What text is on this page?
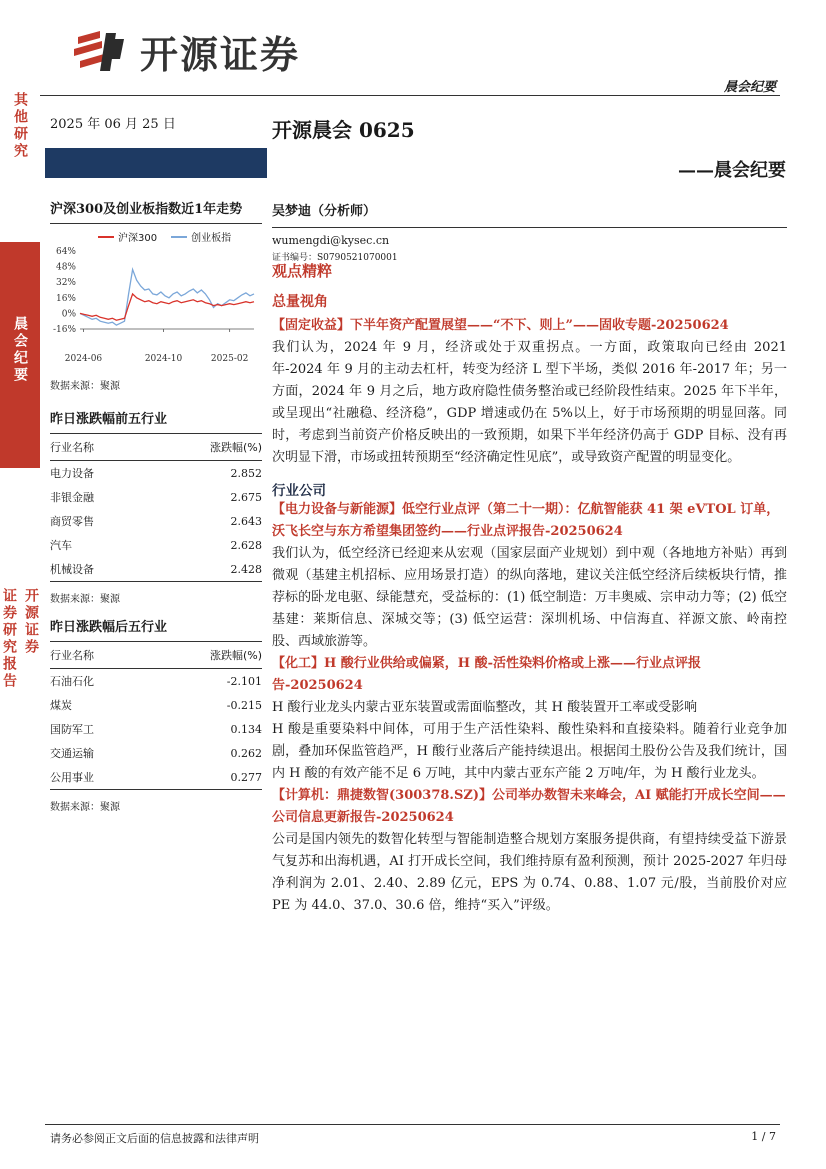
其他研究
晨会纪要
开源证券
证券研究报告
开源证券
晨会纪要
2025 年 06 月 25 日	开源晨会 0625
——晨会纪要
沪深300及创业板指数近1年走势
沪深300	创业板指
64%
48%
32%
16%
0%
-16%
2024-06	2024-10	2025-02
数据来源：聚源
昨日涨跌幅前五行业
行业名称	涨跌幅(%)
电力设备	2.852
非银金融	2.675
商贸零售	2.643
汽车	2.628
机械设备	2.428
数据来源：聚源
昨日涨跌幅后五行业
行业名称	涨跌幅(%)
石油石化	-2.101
煤炭	-0.215
国防军工	0.134
交通运输	0.262
公用事业	0.277
数据来源：聚源
吴梦迪（分析师）
wumengdi@kysec.cn
证书编号：S0790521070001
观点精粹
总量视角
【固定收益】下半年资产配置展望——“不下、则上”——固收专题-20250624
我们认为，2024 年 9 月，经济或处于双重拐点。一方面，政策取向已经由 2021 年-2024 年 9 月的主动去杠杆，转变为经济 L 型下半场，类似 2016 年-2017 年；另一方面，2024 年 9 月之后，地方政府隐性债务整治或已经阶段性结束。2025 年下半年，或呈现出“社融稳、经济稳”，GDP 增速或仍在 5%以上，好于市场预期的明显回落。同时，考虑到当前资产价格反映出的一致预期，如果下半年经济仍高于 GDP 目标、没有再次明显下滑，市场或扭转预期至“经济确定性见底”，或导致资产配置的明显变化。
行业公司
【电力设备与新能源】低空行业点评（第二十一期）：亿航智能获 41 架 eVTOL 订单，沃飞长空与东方希望集团签约——行业点评报告-20250624
我们认为，低空经济已经迎来从宏观（国家层面产业规划）到中观（各地地方补贴）再到微观（基建主机招标、应用场景打造）的纵向落地，建议关注低空经济后续板块行情，推荐标的卧龙电驱、绿能慧充，受益标的：(1) 低空制造：万丰奥威、宗申动力等；(2) 低空基建：莱斯信息、深城交等；(3) 低空运营：深圳机场、中信海直、祥源文旅、岭南控股、西域旅游等。
【化工】H 酸行业供给或偏紧，H 酸-活性染料价格或上涨——行业点评报告-20250624
H 酸行业龙头内蒙古亚东装置或需面临整改，其 H 酸装置开工率或受影响
H 酸是重要染料中间体，可用于生产活性染料、酸性染料和直接染料。随着行业竞争加剧，叠加环保监管趋严，H 酸行业落后产能持续退出。根据闰土股份公告及我们统计，国内 H 酸的有效产能不足 6 万吨，其中内蒙古亚东产能 2 万吨/年，为 H 酸行业龙头。
【计算机：鼎捷数智(300378.SZ)】公司举办数智未来峰会，AI 赋能打开成长空间——公司信息更新报告-20250624
公司是国内领先的数智化转型与智能制造整合规划方案服务提供商，有望持续受益下游景气复苏和出海机遇，AI 打开成长空间，我们维持原有盈利预测，预计 2025-2027 年归母净利润为 2.01、2.40、2.89 亿元，EPS 为 0.74、0.88、1.07 元/股，当前股价对应 PE 为 44.0、37.0、30.6 倍，维持“买入”评级。
请务必参阅正文后面的信息披露和法律声明	1 / 7
